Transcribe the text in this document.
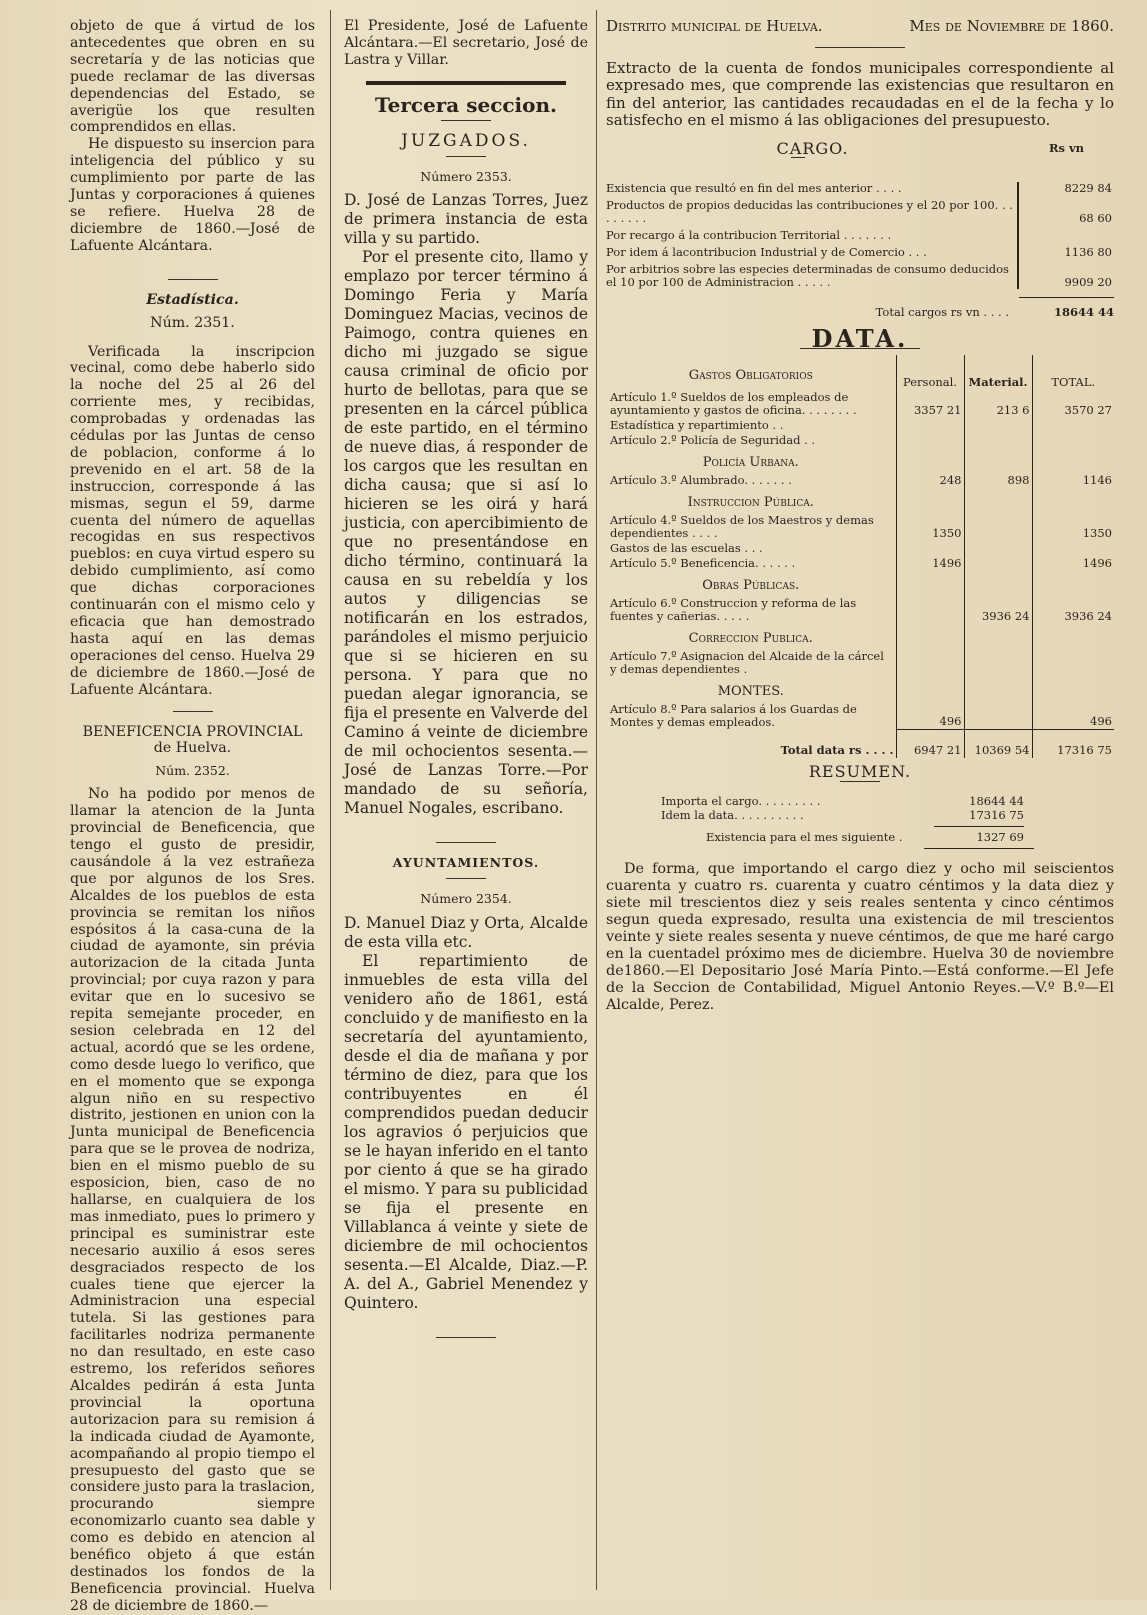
objeto de que á virtud de los antecedentes que obren en su secretaría y de las noticias que puede reclamar de las diversas dependencias del Estado, se averigüe los que resulten comprendidos en ellas.

He dispuesto su insercion para inteligencia del público y su cumplimiento por parte de las Juntas y corporaciones á quienes se refiere. Huelva 28 de diciembre de 1860.—José de Lafuente Alcántara.

Estadística.
Núm. 2351.

Verificada la inscripcion vecinal, como debe haberlo sido la noche del 25 al 26 del corriente mes, y recibidas, comprobadas y ordenadas las cédulas por las Juntas de censo de poblacion, conforme á lo prevenido en el art. 58 de la instruccion, corresponde á las mismas, segun el 59, darme cuenta del número de aquellas recogidas en sus respectivos pueblos: en cuya virtud espero su debido cumplimiento, así como que dichas corporaciones continuarán con el mismo celo y eficacia que han demostrado hasta aquí en las demas operaciones del censo. Huelva 29 de diciembre de 1860.—José de Lafuente Alcántara.

BENEFICENCIA PROVINCIAL
de Huelva.
Núm. 2352.

No ha podido por menos de llamar la atencion de la Junta provincial de Beneficencia, que tengo el gusto de presidir, causándole á la vez estrañeza que por algunos de los Sres. Alcaldes de los pueblos de esta provincia se remitan los niños espósitos á la casa-cuna de la ciudad de ayamonte, sin prévia autorizacion de la citada Junta provincial; por cuya razon y para evitar que en lo sucesivo se repita semejante proceder, en sesion celebrada en 12 del actual, acordó que se les ordene, como desde luego lo verifico, que en el momento que se exponga algun niño en su respectivo distrito, jestionen en union con la Junta municipal de Beneficencia para que se le provea de nodriza, bien en el mismo pueblo de su esposicion, bien, caso de no hallarse, en cualquiera de los mas inmediato, pues lo primero y principal es suministrar este necesario auxilio á esos seres desgraciados respecto de los cuales tiene que ejercer la Administracion una especial tutela. Si las gestiones para facilitarles nodriza permanente no dan resultado, en este caso estremo, los referidos señores Alcaldes pedirán á esta Junta provincial la oportuna autorizacion para su remision á la indicada ciudad de Ayamonte, acompañando al propio tiempo el presupuesto del gasto que se considere justo para la traslacion, procurando siempre economizarlo cuanto sea dable y como es debido en atencion al benéfico objeto á que están destinados los fondos de la Beneficencia provincial. Huelva 28 de diciembre de 1860.—

El Presidente, José de Lafuente Alcántara.—El secretario, José de Lastra y Villar.

Tercera seccion.
JUZGADOS.
Número 2353.

D. José de Lanzas Torres, Juez de primera instancia de esta villa y su partido.

Por el presente cito, llamo y emplazo por tercer término á Domingo Feria y María Dominguez Macias, vecinos de Paimogo, contra quienes en dicho mi juzgado se sigue causa criminal de oficio por hurto de bellotas, para que se presenten en la cárcel pública de este partido, en el término de nueve dias, á responder de los cargos que les resultan en dicha causa; que si así lo hicieren se les oirá y hará justicia, con apercibimiento de que no presentándose en dicho término, continuará la causa en su rebeldía y los autos y diligencias se notificarán en los estrados, parándoles el mismo perjuicio que si se hicieren en su persona. Y para que no puedan alegar ignorancia, se fija el presente en Valverde del Camino á veinte de diciembre de mil ochocientos sesenta.—José de Lanzas Torre.—Por mandado de su señoría, Manuel Nogales, escribano.

AYUNTAMIENTOS.
Número 2354.

D. Manuel Diaz y Orta, Alcalde de esta villa etc.

El repartimiento de inmuebles de esta villa del venidero año de 1861, está concluido y de manifiesto en la secretaría del ayuntamiento, desde el dia de mañana y por término de diez, para que los contribuyentes en él comprendidos puedan deducir los agravios ó perjuicios que se le hayan inferido en el tanto por ciento á que se ha girado el mismo. Y para su publicidad se fija el presente en Villablanca á veinte y siete de diciembre de mil ochocientos sesenta.—El Alcalde, Diaz.—P. A. del A., Gabriel Menendez y Quintero.

Distrito municipal de Huelva.	Mes de Noviembre de 1860.

Extracto de la cuenta de fondos municipales correspondiente al expresado mes, que comprende las existencias que resultaron en fin del anterior, las cantidades recaudadas en el de la fecha y lo satisfecho en el mismo á las obligaciones del presupuesto.

CARGO.	Rs vn
Existencia que resultó en fin del mes anterior . . . .	8229 84
Productos de propios deducidas las contribuciones y el 20 por 100. . . . . . . . .	68 60
Por recargo á la contribucion Territorial . . . . . . .
Por idem á lacontribucion Industrial y de Comercio . . .	1136 80
Por arbitrios sobre las especies determinadas de consumo deducidos el 10 por 100 de Administracion . . . . .	9909 20
Total cargos rs vn . . . .	18644 44
DATA.
Gastos Obligatorios	Personal.	Material.	TOTAL.
Artículo 1.º Sueldos de los empleados de ayuntamiento y gastos de oficina. . . . . . . .	3357 21	213 6	3570 27
Estadística y repartimiento . .			
Artículo 2.º Policía de Seguridad . .			
Policía Urbana.			
Artículo 3.º Alumbrado. . . . . . .	248	898	1146
Instruccion Pública.			
Artículo 4.º Sueldos de los Maestros y demas dependientes . . . .	1350		1350
Gastos de las escuelas . . .			
Artículo 5.º Beneficencia. . . . . .	1496		1496
Obras Públicas.			
Artículo 6.º Construccion y reforma de las fuentes y cañerias. . . . .		3936 24	3936 24
Correccion Publica.			
Artículo 7.º Asignacion del Alcaide de la cárcel y demas dependientes .			
MONTES.			
Artículo 8.º Para salarios á los Guardas de Montes y demas empleados.	496		496
Total data rs . . . .	6947 21	10369 54	17316 75
RESUMEN.
Importa el cargo. . . . . . . . .	18644 44
Idem la data. . . . . . . . . .	17316 75
Existencia para el mes siguiente .	1327 69

De forma, que importando el cargo diez y ocho mil seiscientos cuarenta y cuatro rs. cuarenta y cuatro céntimos y la data diez y siete mil trescientos diez y seis reales sententa y cinco céntimos segun queda expresado, resulta una existencia de mil trescientos veinte y siete reales sesenta y nueve céntimos, de que me haré cargo en la cuentadel próximo mes de diciembre. Huelva 30 de noviembre de1860.—El Depositario José María Pinto.—Está conforme.—El Jefe de la Seccion de Contabilidad, Miguel Antonio Reyes.—V.º B.º—El Alcalde, Perez.
